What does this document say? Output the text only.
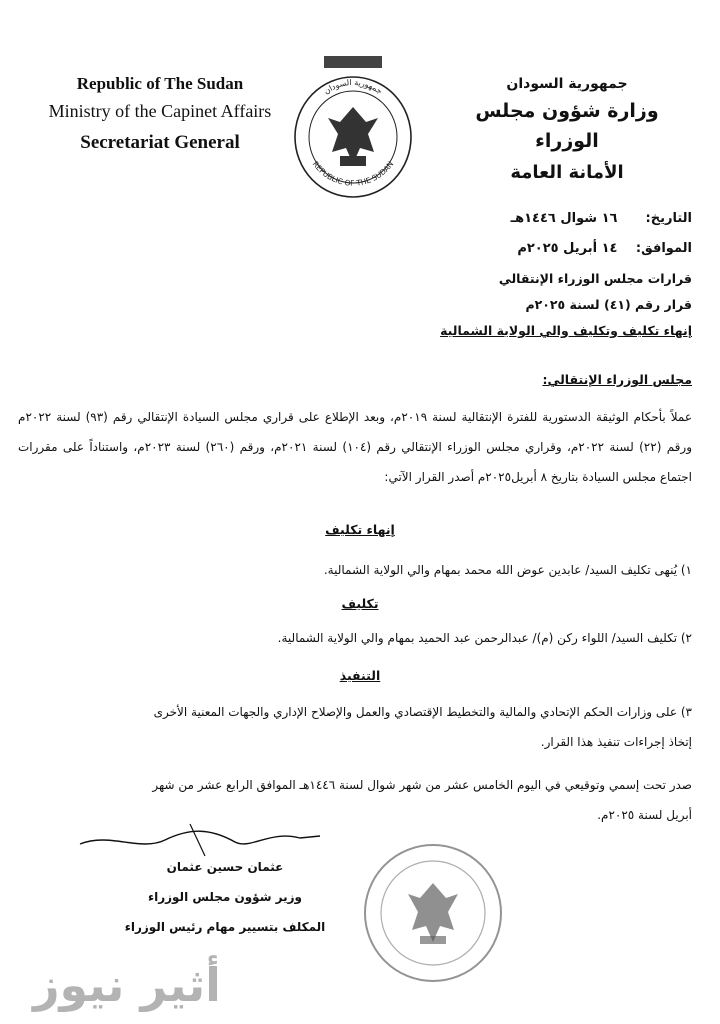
Republic of The Sudan
Ministry of the Capinet Affairs
Secretariat General
جمهورية السودان
REPUBLIC OF THE SUDAN
جمهورية السودان
وزارة شؤون مجلس الوزراء
الأمانة العامة
التاريخ: ١٦ شوال ١٤٤٦هـ
الموافق: ١٤ أبريل ٢٠٢٥م
قرارات مجلس الوزراء الإنتقالي
قرار رقم (٤١) لسنة ٢٠٢٥م
إنهاء تكليف وتكليف والي الولاية الشمالية
مجلس الوزراء الإنتقالي:
عملاً بأحكام الوثيقة الدستورية للفترة الإنتقالية لسنة ٢٠١٩م، وبعد الإطلاع على قراري مجلس السيادة الإنتقالي رقم (٩٣) لسنة ٢٠٢٢م ورقم (٢٢) لسنة ٢٠٢٢م، وقراري مجلس الوزراء الإنتقالي رقم (١٠٤) لسنة ٢٠٢١م، ورقم (٢٦٠) لسنة ٢٠٢٣م، واستناداً على مقررات اجتماع مجلس السيادة بتاريخ ٨ أبريل٢٠٢٥م أصدر القرار الآتي:
إنهاء تكليف
١) يُنهى تكليف السيد/ عابدين عوض الله محمد بمهام والي الولاية الشمالية.
تكليف
٢) تكليف السيد/ اللواء ركن (م)/ عبدالرحمن عبد الحميد بمهام والي الولاية الشمالية.
التنفيذ
٣) على وزارات الحكم الإتحادي والمالية والتخطيط الإقتصادي والعمل والإصلاح الإداري والجهات المعنية الأخرى
إتخاذ إجراءات تنفيذ هذا القرار.
صدر تحت إسمي وتوقيعي في اليوم الخامس عشر من شهر شوال لسنة ١٤٤٦هـ الموافق الرابع عشر من شهر
أبريل لسنة ٢٠٢٥م.
عثمان حسين عثمان
وزير شؤون مجلس الوزراء
المكلف بتسيير مهام رئيس الوزراء
أثير نيوز
